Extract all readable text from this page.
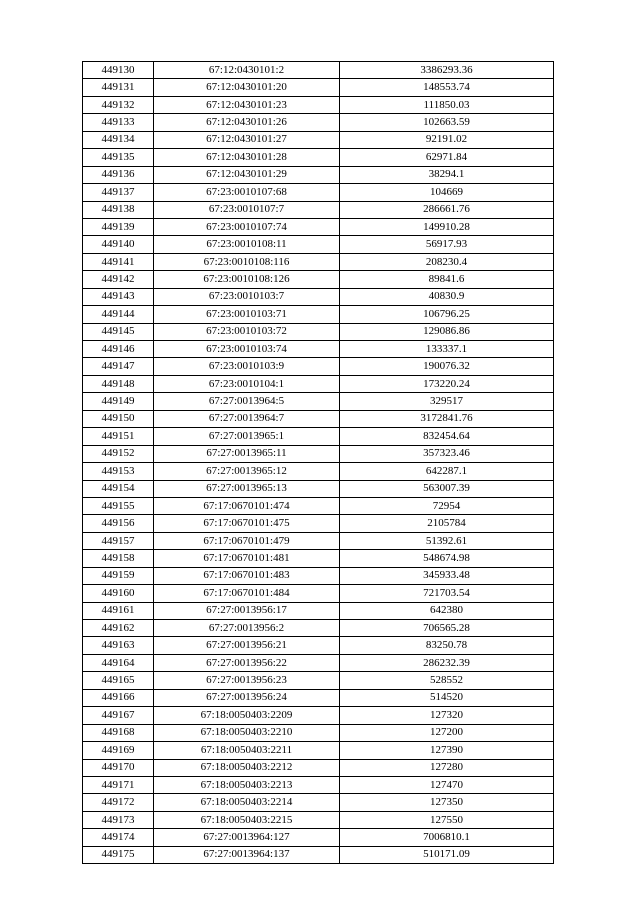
449130	67:12:0430101:2	3386293.36
449131	67:12:0430101:20	148553.74
449132	67:12:0430101:23	111850.03
449133	67:12:0430101:26	102663.59
449134	67:12:0430101:27	92191.02
449135	67:12:0430101:28	62971.84
449136	67:12:0430101:29	38294.1
449137	67:23:0010107:68	104669
449138	67:23:0010107:7	286661.76
449139	67:23:0010107:74	149910.28
449140	67:23:0010108:11	56917.93
449141	67:23:0010108:116	208230.4
449142	67:23:0010108:126	89841.6
449143	67:23:0010103:7	40830.9
449144	67:23:0010103:71	106796.25
449145	67:23:0010103:72	129086.86
449146	67:23:0010103:74	133337.1
449147	67:23:0010103:9	190076.32
449148	67:23:0010104:1	173220.24
449149	67:27:0013964:5	329517
449150	67:27:0013964:7	3172841.76
449151	67:27:0013965:1	832454.64
449152	67:27:0013965:11	357323.46
449153	67:27:0013965:12	642287.1
449154	67:27:0013965:13	563007.39
449155	67:17:0670101:474	72954
449156	67:17:0670101:475	2105784
449157	67:17:0670101:479	51392.61
449158	67:17:0670101:481	548674.98
449159	67:17:0670101:483	345933.48
449160	67:17:0670101:484	721703.54
449161	67:27:0013956:17	642380
449162	67:27:0013956:2	706565.28
449163	67:27:0013956:21	83250.78
449164	67:27:0013956:22	286232.39
449165	67:27:0013956:23	528552
449166	67:27:0013956:24	514520
449167	67:18:0050403:2209	127320
449168	67:18:0050403:2210	127200
449169	67:18:0050403:2211	127390
449170	67:18:0050403:2212	127280
449171	67:18:0050403:2213	127470
449172	67:18:0050403:2214	127350
449173	67:18:0050403:2215	127550
449174	67:27:0013964:127	7006810.1
449175	67:27:0013964:137	510171.09
